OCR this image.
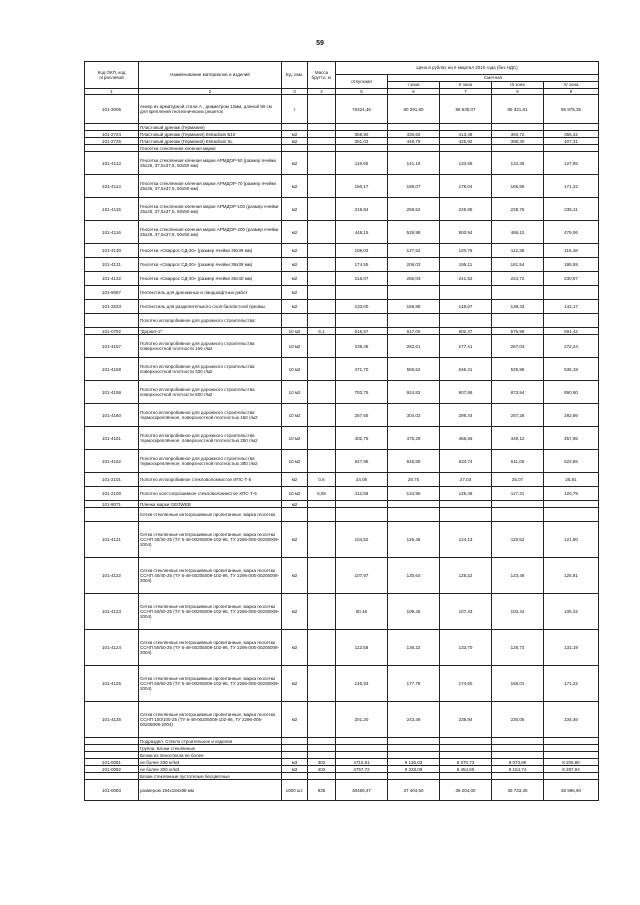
59
Код ОКП, код отраслевой	Наименование материалов и изделий	Ед. изм.	Масса брутто, кг	Цена в рублях на II квартал 2015 года (без НДС)				
				отпускная	Сметная			
					I зона	II зона	III зона	IV зона
1	2	3	4	5	6	7	8	9
101-3006	Анкер из арматурной стали А , диаметром 12мм, длиной 90 см для крепления геотехнических решеток	т		76324,46	90 291,80	88 635,07	86 321,61	86 978,35
	Пластовый дренаж (Германия)							
101-2724	Пластовый дренаж (Германия) Enkadrain B10	м2		359,90	430,62	413,48	394,72	355,42
101-2725	Пластовый дренаж (Германия) Enkadrain SL	м2		381,03	449,78	425,92	396,30	407,31
	Геосетка стеклянная клееная марки							
101-4113	Геосетка стеклянная клееная марки АРМДОР-50 (размер ячейки 25х25, 37,5х37,5, 50х50 мм)	м2		119,60	141,18	133,69	124,39	127,85
101-4114	Геосетка стеклянная клееная марки АРМДОР-70 (размер ячейки 25х25, 37,5х37,5, 50х50 мм)	м2		160,17	189,07	179,04	166,59	171,22
101-4115	Геосетка стеклянная клееная марки АРМДОР-100 (размер ячейки 25х25, 37,5х37,5, 50х50 мм)	м2		219,84	259,62	245,85	228,76	235,11
101-4116	Геосетка стеклянная клееная марки АРМДОР-200 (размер ячейки 25х25, 37,5х37,5, 50х50 мм)	м2		448,15	528,98	500,94	466,10	479,06
101-4130	Геосетка «Сваpрос СД-20» (размер ячейки 39х39 мм)	м2		108,03	127,52	120,76	112,36	115,48
101-4131	Геосетка «Сваpрос СД-30» (размер ячейки 39х39 мм)	м2		174,55	206,03	195,11	181,54	186,59
101-4132	Геосетка «Сваpрос СД-40» (размер ячейки 35х40 мм)	м2		216,07	255,04	241,52	224,72	230,97
101-9087	Геотекстиль для дренажных и ландшафтных работ	м2						
101-2533	Геотекстиль для разделительного слоя балластной призмы	м2		133,00	156,99	148,67	138,33	142,17
	Полотно иглопробивное для дорожного строительства:							
101-0792	"Дорнит-2"	10 м2	6,1	516,57	617,00	602,47	576,98	591,42
101-4157	Полотно иглопробивное для дорожного строительства поверхностной плотности 160 г/м2	10 м2		239,49	282,61	277,41	267,04	272,24
101-4158	Полотно иглопробивное для дорожного строительства поверхностной плотности 330 г/м2	10 м2		471,70	556,62	546,41	525,96	536,19
101-4159	Полотно иглопробивное для дорожного строительства поверхностной плотности 500 г/м2	10 м2		783,75	924,82	907,86	873,94	890,90
101-4160	Полотно иглопробивное для дорожного строительства термоскреплённое, поверхностной плотностью 160 г/м2	10 м2		257,65	304,02	298,44	287,28	292,86
101-4161	Полотно иглопробивное для дорожного строительства термоскреплённое, поверхностной плотностью 250 г/м2	10 м2		402,76	475,29	466,56	449,12	457,86
101-4162	Полотно иглопробивное для дорожного строительства термоскреплённое, поверхностной плотностью 380 г/м2	10 м2		547,95	646,59	634,74	611,00	622,85
101-2101	Полотно иглопробивное стекловолокнистое ИПС-Т-5	м2	0,6	24,06	28,75	27,03	25,07	25,81
101-2100	Полотно холстопрошивное стекловолокнистое ХПС-Т-5	10 м2	5,05	112,58	134,96	125,49	117,31	120,79
101-9071	Пленка марки GEOWEB	м2						
	Сетки стеклянные интегрошивные пропитанные, марка геосетки							
101-4121	Сетки стеклянные интегрошивные пропитанные, марка геосетки ССНП 30/30-25 (ТУ 6-48-00205009-102-96, ТУ 2296-005-00205009-2004)	м2		104,52	126,48	124,13	119,52	121,80
101-4122	Сетки стеклянные интегрошивные пропитанные, марка геосетки ССНП 40/40-25 (ТУ 6-48-00205009-102-96, ТУ 2296-005-00205009-2004)	м2		107,97	130,64	128,22	123,46	125,81
101-4123	Сетки стеклянные интегрошивные пропитанные, марка геосетки ССНП 50/50-25 (ТУ 6-48-00205009-102-96, ТУ 2296-005-00205009-2004)	м2		90,46	109,45	107,43	103,44	105,42
101-4124	Сетки стеклянные интегрошивные пропитанные, марка геосетки ССНП 50/50-25 (ТУ 6-48-00205009-102-96, ТУ 2296-005-00205009-2004)	м2		112,58	136,22	133,70	128,73	131,19
101-4125	Сетки стеклянные интегрошивные пропитанные, марка геосетки ССНП 60/60-25 (ТУ 6-48-00205009-102-96, ТУ 2296-005-00205009-2004)	м2		146,93	177,78	174,50	168,01	171,22
101-4126	Сетки стеклянные интегрошивные пропитанные, марка геосетки ССНП 100/100-25 (ТУ 6-48-00205009-102-96, ТУ 2296-005-00205009-2004)	м2		201,20	243,49	238,94	230,06	234,46
	Подраздел. Стекло строительное и изделия							
	Группа. Блоки стеклянные							
	Блоки из пеностекла не более							
101-0081	не более 200 кг/м3	м3	302	4710,61	9 136,03	8 370,73	8 073,89	8 205,86
101-0082	не более 300 кг/м3	м3	402	4757,72	9 228,09	8 454,60	8 154,74	8 287,94
	Блоки стеклянные пустотелые бесцветные							
101-0083	размером 194х194х98 мм	1000 шт.	935	30489,47	37 404,50	36 204,00	35 733,35	35 986,90
